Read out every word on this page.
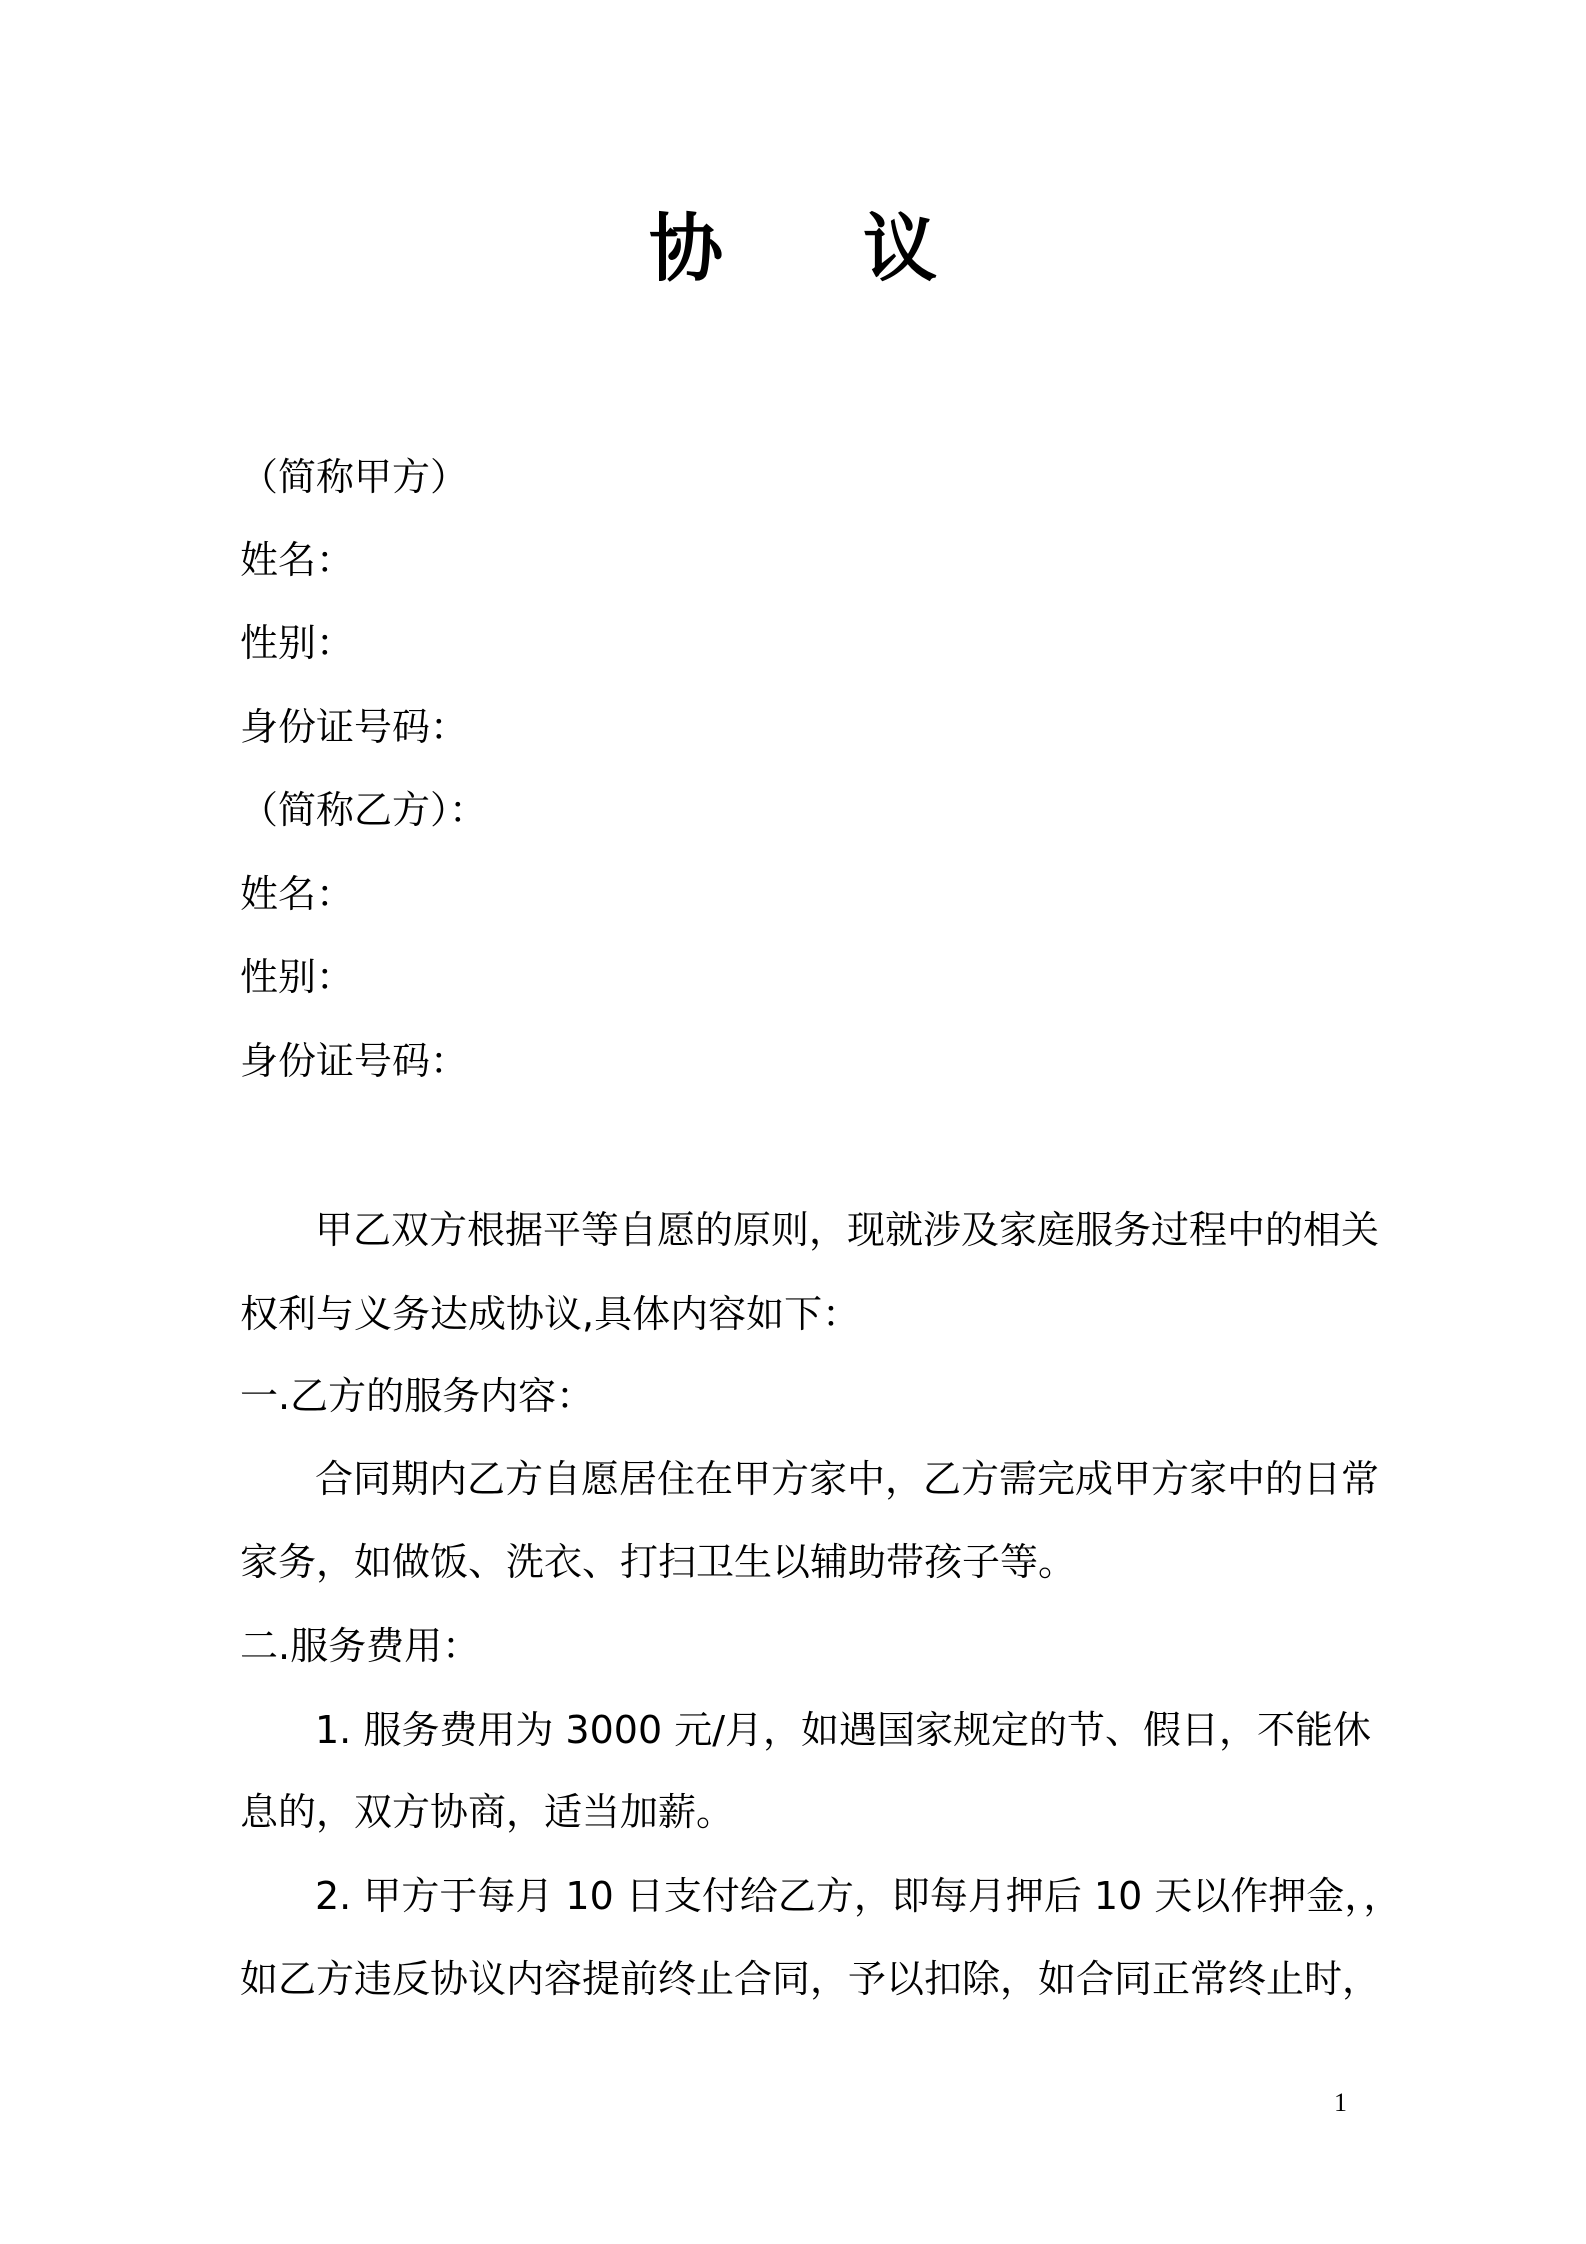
协 议
（简称甲方）
姓名：
性别：
身份证号码：
（简称乙方）：
姓名：
性别：
身份证号码：
甲乙双方根据平等自愿的原则，现就涉及家庭服务过程中的相关
权利与义务达成协议,具体内容如下：
一.乙方的服务内容：
合同期内乙方自愿居住在甲方家中，乙方需完成甲方家中的日常
家务，如做饭、洗衣、打扫卫生以辅助带孩子等。
二.服务费用：
1. 服务费用为 3000 元/月，如遇国家规定的节、假日，不能休
息的，双方协商，适当加薪。
2. 甲方于每月 10 日支付给乙方，即每月押后 10 天以作押金，，
如乙方违反协议内容提前终止合同，予以扣除，如合同正常终止时，
1
